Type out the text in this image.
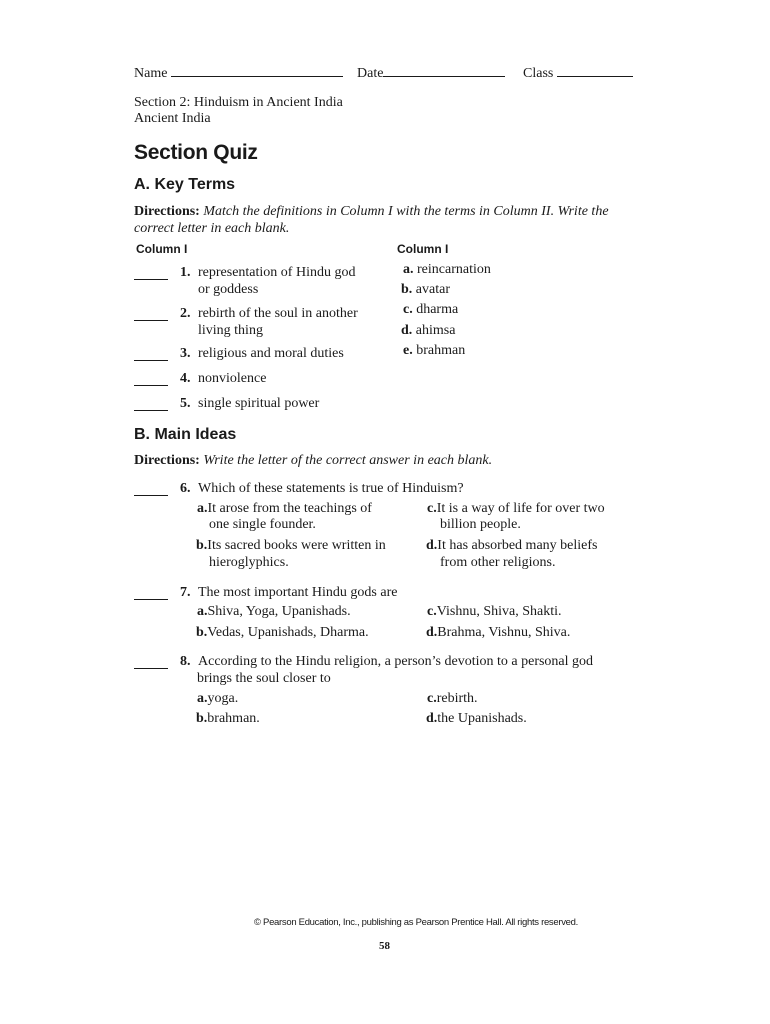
Name	Date	Class
Section 2: Hinduism in Ancient India
Ancient India
Section Quiz
A. Key Terms
Directions: Match the definitions in Column I with the terms in Column II. Write the
correct letter in each blank.
Column I	Column I
1. representation of Hindu god
or goddess
2. rebirth of the soul in another
living thing
3. religious and moral duties
4. nonviolence
5. single spiritual power
a. reincarnation
b. avatar
c. dharma
d. ahimsa
e. brahman
B. Main Ideas
Directions: Write the letter of the correct answer in each blank.
6. Which of these statements is true of Hinduism?
a.It arose from the teachings of
one single founder.
c.It is a way of life for over two
billion people.
b.Its sacred books were written in
hieroglyphics.
d.It has absorbed many beliefs
from other religions.
7. The most important Hindu gods are
a.Shiva, Yoga, Upanishads.	c.Vishnu, Shiva, Shakti.
b.Vedas, Upanishads, Dharma.	d.Brahma, Vishnu, Shiva.
8. According to the Hindu religion, a person’s devotion to a personal god
brings the soul closer to
a.yoga.	c.rebirth.
b.brahman.	d.the Upanishads.
© Pearson Education, Inc., publishing as Pearson Prentice Hall. All rights reserved.
58
